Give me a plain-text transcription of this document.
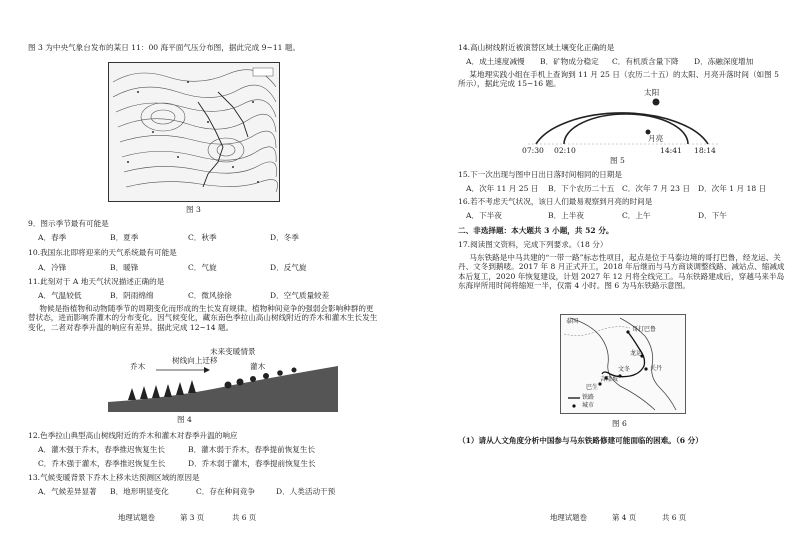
图 3 为中央气象台发布的某日 11：00 海平面气压分布图，据此完成 9~11 题。
图 3
9．图示季节最有可能是
A．春季	B．夏季	C．秋季	D．冬季
10.我国东北即将迎来的天气系统最有可能是
A．冷锋	B．暖锋	C．气旋	D．反气旋
11.此刻对于 A 地天气状况描述正确的是
A．气温较低	B．阴雨绵绵	C．微风徐徐	D．空气质量较差
物候是指植物和动物随季节的周期变化而形成的生长发育规律。植物种间竞争的强弱会影响种群的更替状态，进而影响乔灌木的分布变化。因气候变化，藏东南色季拉山高山树线附近的乔木和灌木生长发生变化，二者对春季升温的响应有差异。据此完成 12~14 题。
未来变暖情景
乔木
树线向上迁移
灌木
图 4
12.色季拉山典型高山树线附近的乔木和灌木对春季升温的响应
A．灌木强于乔木，春季推迟恢复生长	B．灌木弱于乔木，春季提前恢复生长
C．乔木强于灌木，春季推迟恢复生长	D．乔木弱于灌木，春季提前恢复生长
13.气候变暖背景下乔木上移未达预测区域的原因是
A．气候差异显著 B．地形明显变化	C．存在种间竞争	D．人类活动干预
地理试题卷	第 3 页	共 6 页
14.高山树线附近被演替区域土壤变化正确的是
A．成土速度减慢 B．矿物成分稳定 C．有机质含量下降 D．冻融深度增加
某地理实践小组在手机上查询到 11 月 25 日（农历二十五）的太阳、月亮升落时间（如图 5 所示），据此完成 15~16 题。
太阳
月亮
07:30 02:10	14:41 18:14
图 5
15.下一次出现与图中日出日落时间相同的日期是
A．次年 11 月 25 日 B．下个农历二十五 C．次年 7 月 23 日 D．次年 1 月 18 日
16.若不考虑天气状况，该日人们最易观察到月亮的时间是
A．下半夜	B．上半夜	C．上午	D．下午
二、非选择题：本大题共 3 小题，共 52 分。
17.阅读图文资料，完成下列要求。（18 分）
马东铁路是中马共建的“一带一路”标志性项目，起点是位于马泰边境的哥打巴鲁，经龙运、关丹、文冬到鹅唛。2017 年 8 月正式开工，2018 年后继而与马方商谈调整线路、减站点、缩减成本后复工，2020 年恢复建设，计划 2027 年 12 月将全线完工。马东铁路建成后，穿越马来半岛东海岸所用时间将缩短一半，仅需 4 小时。图 6 为马东铁路示意图。
泰国
哥打巴鲁
龙运
关丹
文冬
吉隆坡
巴生
铁路
城市
图 6
（1）请从人文角度分析中国参与马东铁路修建可能面临的困难。（6 分）
地理试题卷	第 4 页	共 6 页
